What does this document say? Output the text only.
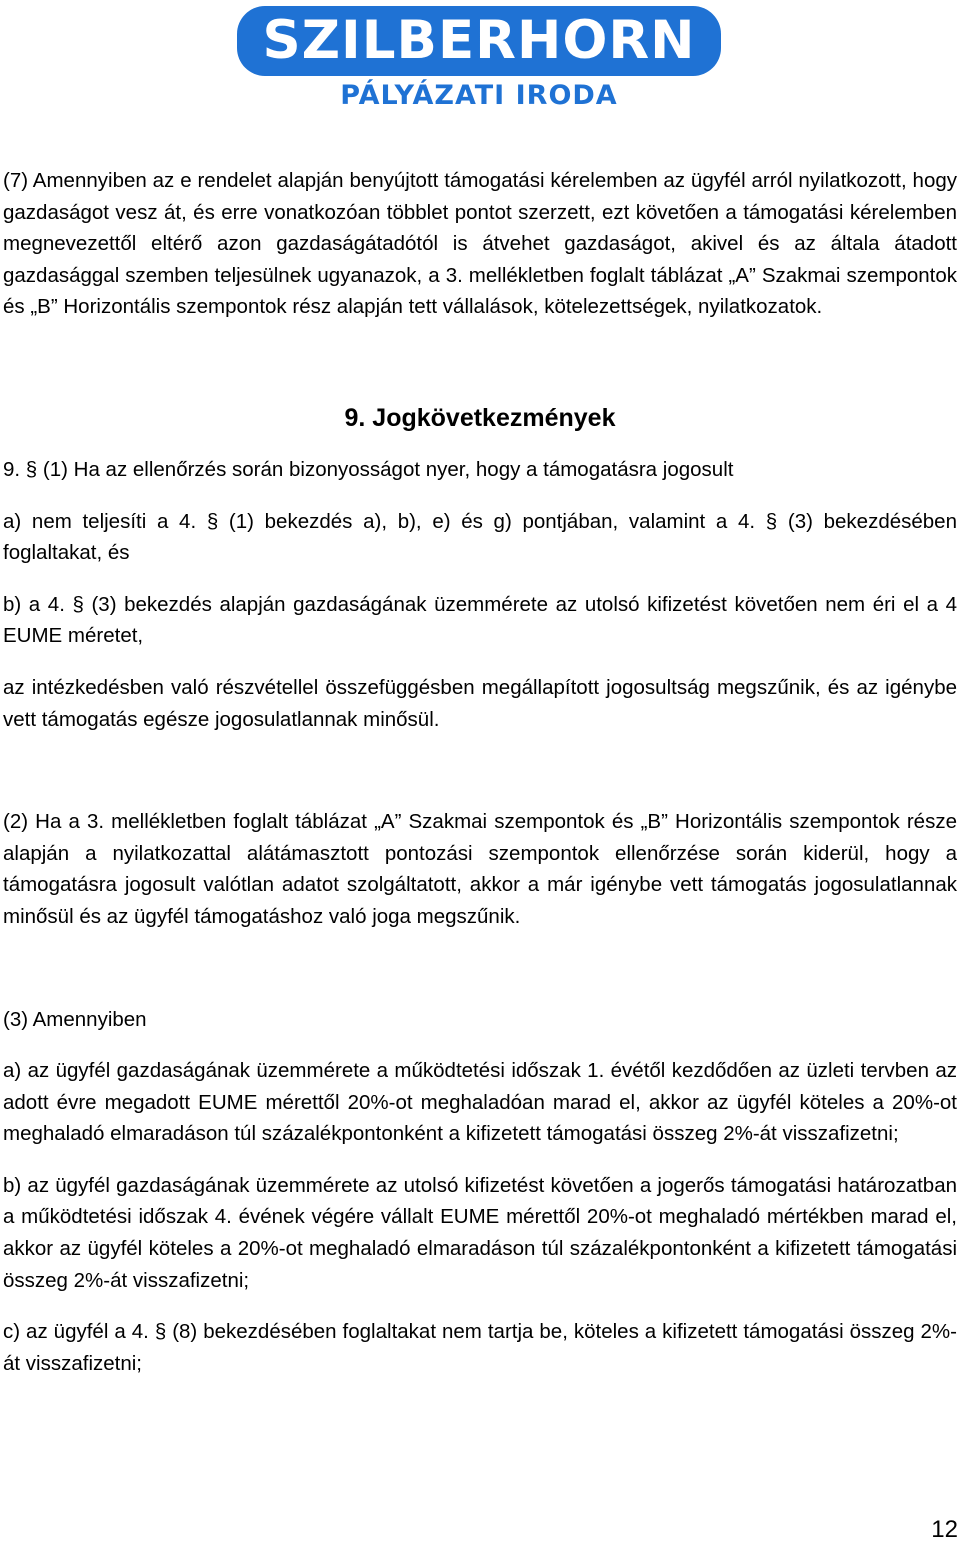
SZILBERHORN
PÁLYÁZATI IRODA

(7) Amennyiben az e rendelet alapján benyújtott támogatási kérelemben az ügyfél arról nyilatkozott, hogy gazdaságot vesz át, és erre vonatkozóan többlet pontot szerzett, ezt követően a támogatási kérelemben megnevezettől eltérő azon gazdaságátadótól is átvehet gazdaságot, akivel és az általa átadott gazdasággal szemben teljesülnek ugyanazok, a 3. mellékletben foglalt táblázat „A” Szakmai szempontok és „B” Horizontális szempontok rész alapján tett vállalások, kötelezettségek, nyilatkozatok.

9. Jogkövetkezmények

9. § (1) Ha az ellenőrzés során bizonyosságot nyer, hogy a támogatásra jogosult

a) nem teljesíti a 4. § (1) bekezdés a), b), e) és g) pontjában, valamint a 4. § (3) bekezdésében foglaltakat, és

b) a 4. § (3) bekezdés alapján gazdaságának üzemmérete az utolsó kifizetést követően nem éri el a 4 EUME méretet,

az intézkedésben való részvétellel összefüggésben megállapított jogosultság megszűnik, és az igénybe vett támogatás egésze jogosulatlannak minősül.

(2) Ha a 3. mellékletben foglalt táblázat „A” Szakmai szempontok és „B” Horizontális szempontok része alapján a nyilatkozattal alátámasztott pontozási szempontok ellenőrzése során kiderül, hogy a támogatásra jogosult valótlan adatot szolgáltatott, akkor a már igénybe vett támogatás jogosulatlannak minősül és az ügyfél támogatáshoz való joga megszűnik.

(3) Amennyiben

a) az ügyfél gazdaságának üzemmérete a működtetési időszak 1. évétől kezdődően az üzleti tervben az adott évre megadott EUME mérettől 20%-ot meghaladóan marad el, akkor az ügyfél köteles a 20%-ot meghaladó elmaradáson túl százalékpontonként a kifizetett támogatási összeg 2%-át visszafizetni;

b) az ügyfél gazdaságának üzemmérete az utolsó kifizetést követően a jogerős támogatási határozatban a működtetési időszak 4. évének végére vállalt EUME mérettől 20%-ot meghaladó mértékben marad el, akkor az ügyfél köteles a 20%-ot meghaladó elmaradáson túl százalékpontonként a kifizetett támogatási összeg 2%-át visszafizetni;

c) az ügyfél a 4. § (8) bekezdésében foglaltakat nem tartja be, köteles a kifizetett támogatási összeg 2%-át visszafizetni;

12
